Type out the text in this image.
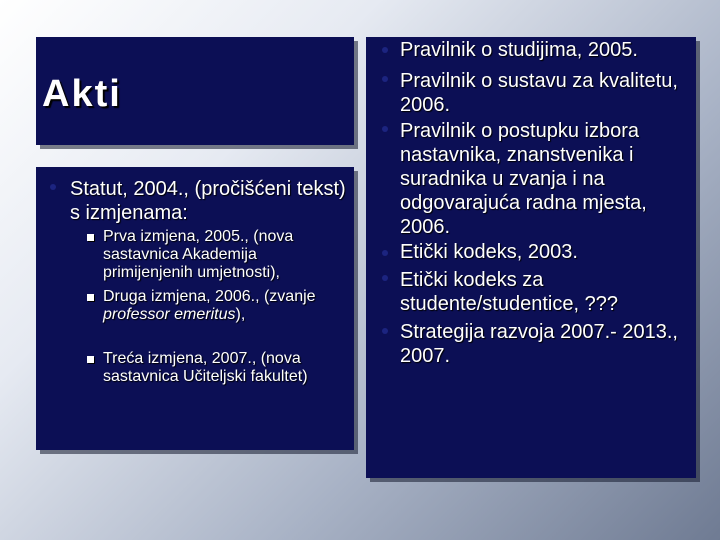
Akti
Statut, 2004., (pročišćeni tekst) s izmjenama:
Prva izmjena, 2005., (nova sastavnica Akademija primijenjenih umjetnosti),
Druga izmjena, 2006., (zvanje professor emeritus),
Treća izmjena, 2007., (nova sastavnica Učiteljski fakultet)
Pravilnik o studijima, 2005.
Pravilnik o sustavu za kvalitetu, 2006.
Pravilnik o postupku izbora nastavnika, znanstvenika i suradnika u zvanja i na odgovarajuća radna mjesta, 2006.
Etički kodeks, 2003.
Etički kodeks za studente/studentice, ???
Strategija razvoja 2007.- 2013., 2007.
